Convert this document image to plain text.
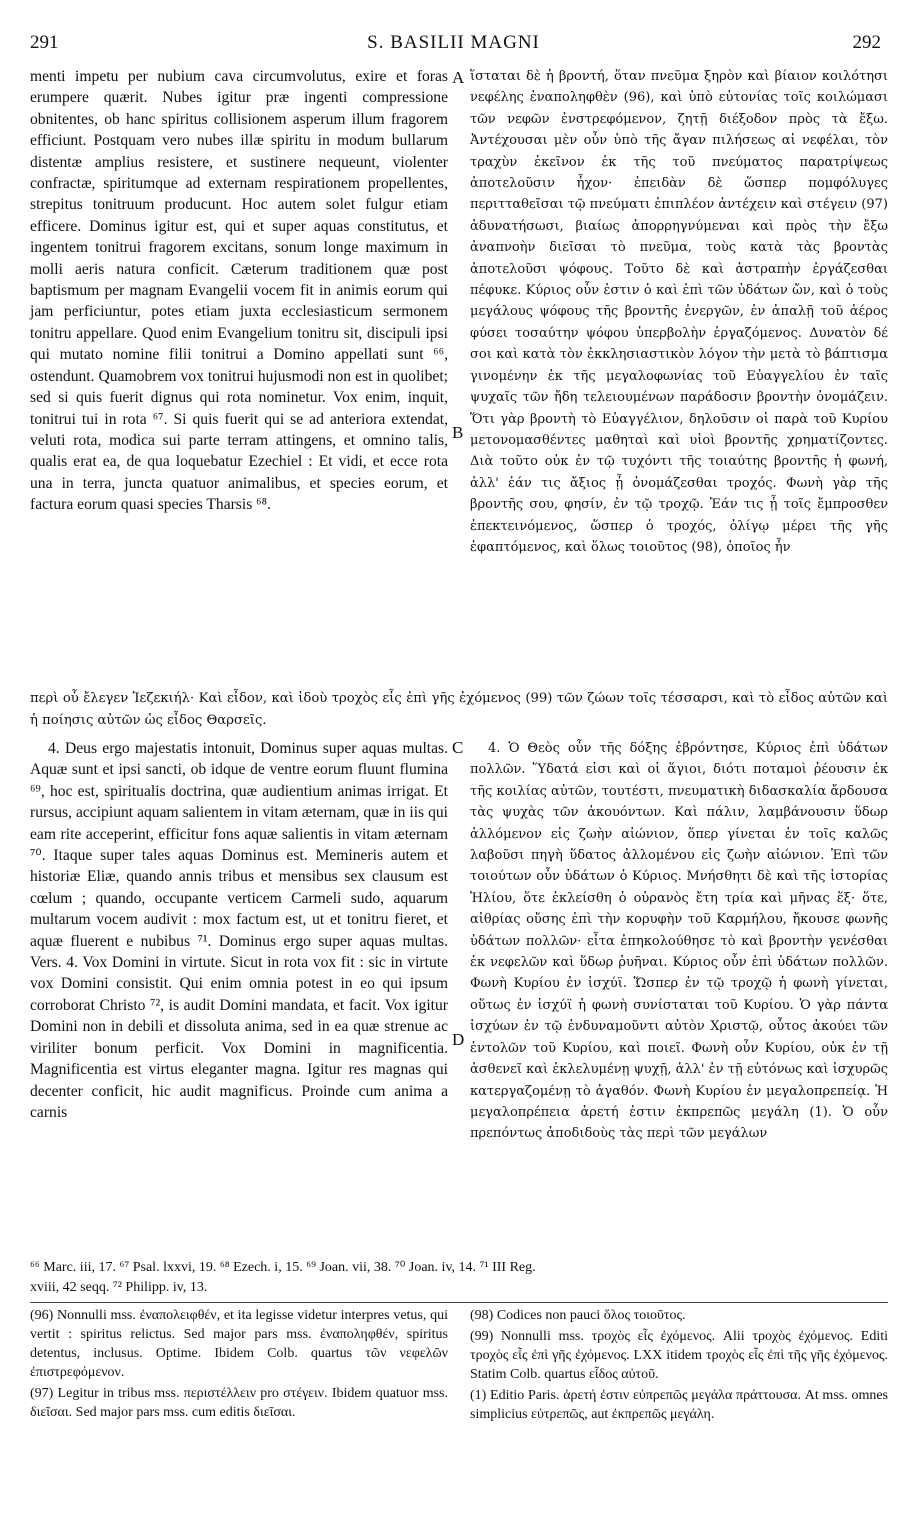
291	S. BASILII MAGNI	292
A
B
C
D

menti impetu per nubium cava circumvolutus, exire et foras erumpere quærit. Nubes igitur præ ingenti compressione obnitentes, ob hanc spiritus collisionem asperum illum fragorem efficiunt. Postquam vero nubes illæ spiritu in modum bullarum distentæ amplius resistere, et sustinere nequeunt, violenter confractæ, spiritumque ad externam respirationem propellentes, strepitus tonitruum producunt. Hoc autem solet fulgur etiam efficere. Dominus igitur est, qui et super aquas constitutus, et ingentem tonitrui fragorem excitans, sonum longe maximum in molli aeris natura conficit. Cæterum traditionem quæ post baptismum per magnam Evangelii vocem fit in animis eorum qui jam perficiuntur, potes etiam juxta ecclesiasticum sermonem tonitru appellare. Quod enim Evangelium tonitru sit, discipuli ipsi qui mutato nomine filii tonitrui a Domino appellati sunt ⁶⁶, ostendunt. Quamobrem vox tonitrui hujusmodi non est in quolibet; sed si quis fuerit dignus qui rota nominetur. Vox enim, inquit, tonitrui tui in rota ⁶⁷. Si quis fuerit qui se ad anteriora extendat, veluti rota, modica sui parte terram attingens, et omnino talis, qualis erat ea, de qua loquebatur Ezechiel : Et vidi, et ecce rota una in terra, juncta quatuor animalibus, et species eorum, et factura eorum quasi species Tharsis ⁶⁸.

ἵσταται δὲ ἡ βροντή, ὅταν πνεῦμα ξηρὸν καὶ βίαιον κοιλότησι νεφέλης ἐναποληφθὲν (96), καὶ ὑπὸ εὐτονίας τοῖς κοιλώμασι τῶν νεφῶν ἐνστρεφόμενον, ζητῇ διέξοδον πρὸς τὰ ἔξω. Ἀντέχουσαι μὲν οὖν ὑπὸ τῆς ἄγαν πιλήσεως αἱ νεφέλαι, τὸν τραχὺν ἐκεῖνον ἐκ τῆς τοῦ πνεύματος παρατρίψεως ἀποτελοῦσιν ἦχον· ἐπειδὰν δὲ ὥσπερ πομφόλυγες περιτταθεῖσαι τῷ πνεύματι ἐπιπλέον ἀντέχειν καὶ στέγειν (97) ἀδυνατήσωσι, βιαίως ἀπορρηγνύμεναι καὶ πρὸς τὴν ἔξω ἀναπνοὴν διεῖσαι τὸ πνεῦμα, τοὺς κατὰ τὰς βροντὰς ἀποτελοῦσι ψόφους. Τοῦτο δὲ καὶ ἀστραπὴν ἐργάζεσθαι πέφυκε. Κύριος οὖν ἐστιν ὁ καὶ ἐπὶ τῶν ὑδάτων ὤν, καὶ ὁ τοὺς μεγάλους ψόφους τῆς βροντῆς ἐνεργῶν, ἐν ἁπαλῇ τοῦ ἀέρος φύσει τοσαύτην ψόφου ὑπερβολὴν ἐργαζόμενος. Δυνατὸν δέ σοι καὶ κατὰ τὸν ἐκκλησιαστικὸν λόγον τὴν μετὰ τὸ βάπτισμα γινομένην ἐκ τῆς μεγαλοφωνίας τοῦ Εὐαγγελίου ἐν ταῖς ψυχαῖς τῶν ἤδη τελειουμένων παράδοσιν βροντὴν ὀνομάζειν. Ὅτι γὰρ βροντὴ τὸ Εὐαγγέλιον, δηλοῦσιν οἱ παρὰ τοῦ Κυρίου μετονομασθέντες μαθηταὶ καὶ υἱοὶ βροντῆς χρηματίζοντες. Διὰ τοῦτο οὐκ ἐν τῷ τυχόντι τῆς τοιαύτης βροντῆς ἡ φωνή, ἀλλ' ἐάν τις ἄξιος ᾖ ὀνομάζεσθαι τροχός. Φωνὴ γὰρ τῆς βροντῆς σου, φησίν, ἐν τῷ τροχῷ. Ἐάν τις ᾖ τοῖς ἔμπροσθεν ἐπεκτεινόμενος, ὥσπερ ὁ τροχός, ὀλίγῳ μέρει τῆς γῆς ἐφαπτόμενος, καὶ ὅλως τοιοῦτος (98), ὁποῖος ἦν

περὶ οὗ ἔλεγεν Ἰεζεκιήλ· Καὶ εἶδον, καὶ ἰδοὺ τροχὸς εἷς ἐπὶ γῆς ἐχόμενος (99) τῶν ζώων τοῖς τέσσαρσι, καὶ τὸ εἶδος αὐτῶν καὶ ἡ ποίησις αὐτῶν ὡς εἶδος Θαρσεῖς.

4. Deus ergo majestatis intonuit, Dominus super aquas multas. Aquæ sunt et ipsi sancti, ob idque de ventre eorum fluunt flumina ⁶⁹, hoc est, spiritualis doctrina, quæ audientium animas irrigat. Et rursus, accipiunt aquam salientem in vitam æternam, quæ in iis qui eam rite acceperint, efficitur fons aquæ salientis in vitam æternam ⁷⁰. Itaque super tales aquas Dominus est. Memineris autem et historiæ Eliæ, quando annis tribus et mensibus sex clausum est cœlum ; quando, occupante verticem Carmeli sudo, aquarum multarum vocem audivit : mox factum est, ut et tonitru fieret, et aquæ fluerent e nubibus ⁷¹. Dominus ergo super aquas multas. Vers. 4. Vox Domini in virtute. Sicut in rota vox fit : sic in virtute vox Domini consistit. Qui enim omnia potest in eo qui ipsum corroborat Christo ⁷², is audit Domini mandata, et facit. Vox igitur Domini non in debili et dissoluta anima, sed in ea quæ strenue ac viriliter bonum perficit. Vox Domini in magnificentia. Magnificentia est virtus eleganter magna. Igitur res magnas qui decenter conficit, hic audit magnificus. Proinde cum anima a carnis

4. Ὁ Θεὸς οὖν τῆς δόξης ἐβρόντησε, Κύριος ἐπὶ ὑδάτων πολλῶν. Ὕδατά εἰσι καὶ οἱ ἅγιοι, διότι ποταμοὶ ῥέουσιν ἐκ τῆς κοιλίας αὐτῶν, τουτέστι, πνευματικὴ διδασκαλία ἄρδουσα τὰς ψυχὰς τῶν ἀκουόντων. Καὶ πάλιν, λαμβάνουσιν ὕδωρ ἀλλόμενον εἰς ζωὴν αἰώνιον, ὅπερ γίνεται ἐν τοῖς καλῶς λαβοῦσι πηγὴ ὕδατος ἀλλομένου εἰς ζωὴν αἰώνιον. Ἐπὶ τῶν τοιούτων οὖν ὑδάτων ὁ Κύριος. Μνήσθητι δὲ καὶ τῆς ἱστορίας Ἠλίου, ὅτε ἐκλείσθη ὁ οὐρανὸς ἔτη τρία καὶ μῆνας ἕξ· ὅτε, αἰθρίας οὔσης ἐπὶ τὴν κορυφὴν τοῦ Καρμήλου, ἤκουσε φωνῆς ὑδάτων πολλῶν· εἶτα ἐπηκολούθησε τὸ καὶ βροντὴν γενέσθαι ἐκ νεφελῶν καὶ ὕδωρ ῥυῆναι. Κύριος οὖν ἐπὶ ὑδάτων πολλῶν. Φωνὴ Κυρίου ἐν ἰσχύϊ. Ὥσπερ ἐν τῷ τροχῷ ἡ φωνὴ γίνεται, οὕτως ἐν ἰσχύϊ ἡ φωνὴ συνίσταται τοῦ Κυρίου. Ὁ γὰρ πάντα ἰσχύων ἐν τῷ ἐνδυναμοῦντι αὐτὸν Χριστῷ, οὗτος ἀκούει τῶν ἐντολῶν τοῦ Κυρίου, καὶ ποιεῖ. Φωνὴ οὖν Κυρίου, οὐκ ἐν τῇ ἀσθενεῖ καὶ ἐκλελυμένῃ ψυχῇ, ἀλλ' ἐν τῇ εὐτόνως καὶ ἰσχυρῶς κατεργαζομένῃ τὸ ἀγαθόν. Φωνὴ Κυρίου ἐν μεγαλοπρεπείᾳ. Ἡ μεγαλοπρέπεια ἀρετή ἐστιν ἐκπρεπῶς μεγάλη (1). Ὁ οὖν πρεπόντως ἀποδιδοὺς τὰς περὶ τῶν μεγάλων

⁶⁶ Marc. iii, 17. ⁶⁷ Psal. lxxvi, 19. ⁶⁸ Ezech. i, 15. ⁶⁹ Joan. vii, 38. ⁷⁰ Joan. iv, 14. ⁷¹ III Reg.
xviii, 42 seqq. ⁷² Philipp. iv, 13.

(96) Nonnulli mss. ἐναπολειφθέν, et ita legisse videtur interpres vetus, qui vertit : spiritus relictus. Sed major pars mss. ἐναποληφθέν, spiritus detentus, inclusus. Optime. Ibidem Colb. quartus τῶν νεφελῶν ἐπιστρεφόμενον.

(97) Legitur in tribus mss. περιστέλλειν pro στέγειν. Ibidem quatuor mss. διεῖσαι. Sed major pars mss. cum editis διεῖσαι.

(98) Codices non pauci ὅλος τοιοῦτος.

(99) Nonnulli mss. τροχὸς εἷς ἐχόμενος. Alii τροχὸς ἐχόμενος. Editi τροχὸς εἷς ἐπὶ γῆς ἐχόμενος. LXX itidem τροχὸς εἷς ἐπὶ τῆς γῆς ἐχόμενος. Statim Colb. quartus εἶδος αὐτοῦ.

(1) Editio Paris. ἀρετή ἐστιν εὐπρεπῶς μεγάλα πράττουσα. At mss. omnes simplicius εὐτρεπῶς, aut ἐκπρεπῶς μεγάλη.
